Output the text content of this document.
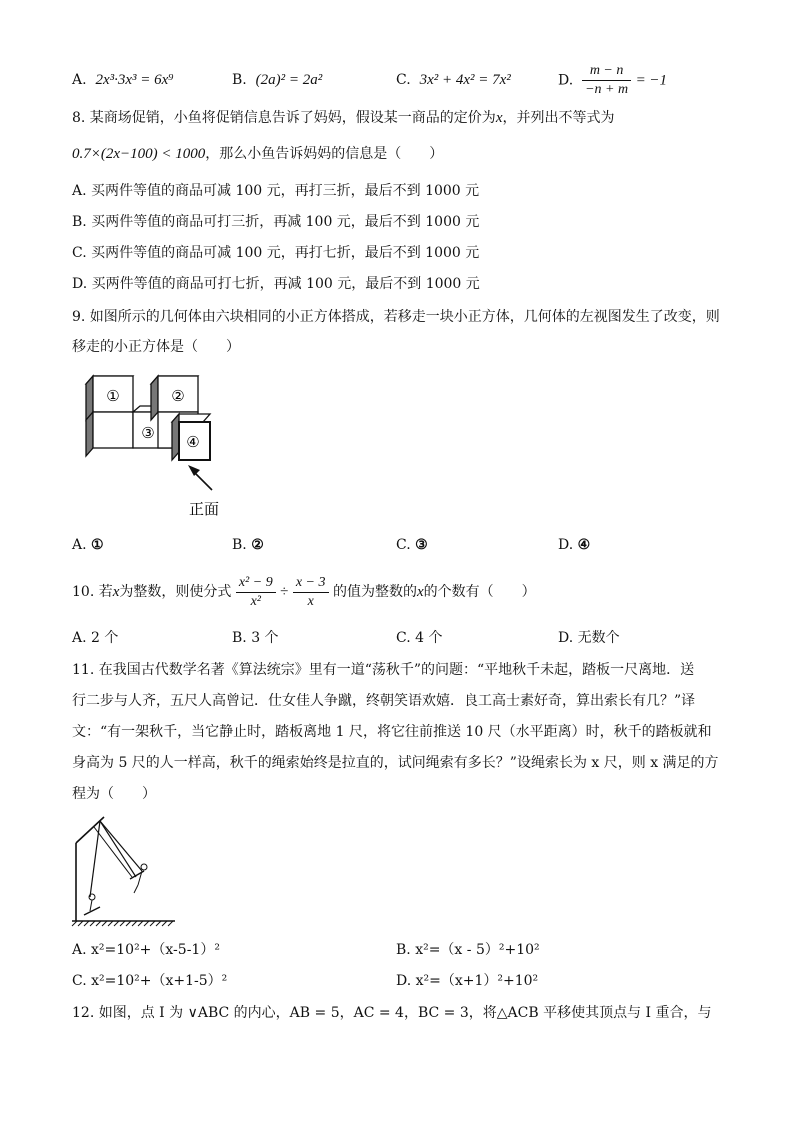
A. 2x³·3x³ = 6x⁹	B. (2a)² = 2a²	C. 3x² + 4x² = 7x²	D. $\frac{m - n}{-n + m} = -1$
8. 某商场促销，小鱼将促销信息告诉了妈妈，假设某一商品的定价为x，并列出不等式为
0.7×(2x−100) < 1000，那么小鱼告诉妈妈的信息是（　　）
A. 买两件等值的商品可减 100 元，再打三折，最后不到 1000 元
B. 买两件等值的商品可打三折，再减 100 元，最后不到 1000 元
C. 买两件等值的商品可减 100 元，再打七折，最后不到 1000 元
D. 买两件等值的商品可打七折，再减 100 元，最后不到 1000 元
9. 如图所示的几何体由六块相同的小正方体搭成，若移走一块小正方体，几何体的左视图发生了改变，则
移走的小正方体是（　　）
①
③
②
④
正面
A. ①	B. ②	C. ③	D. ④
10. 若x为整数，则使分式 $\frac{\text{x² − 9}}{\text{x²}} \div \frac{x - 3}{x}$ 的值为整数的x的个数有（　　）
A. 2 个	B. 3 个	C. 4 个	D. 无数个
11. 在我国古代数学名著《算法统宗》里有一道“荡秋千”的问题：“平地秋千未起，踏板一尺离地．送
行二步与人齐，五尺人高曾记．仕女佳人争蹴，终朝笑语欢嬉．良工高士素好奇，算出索长有几？”译
文：“有一架秋千，当它静止时，踏板离地 1 尺，将它往前推送 10 尺（水平距离）时，秋千的踏板就和
身高为 5 尺的人一样高，秋千的绳索始终是拉直的，试问绳索有多长？”设绳索长为 x 尺，则 x 满足的方
程为（　　）
A. x²=10²+（x-5-1）²	B. x²=（x - 5）²+10²
C. x²=10²+（x+1-5）²	D. x²=（x+1）²+10²
12. 如图，点 I 为 ∨ABC 的内心，AB = 5，AC = 4，BC = 3，将△ACB 平移使其顶点与 I 重合，与
